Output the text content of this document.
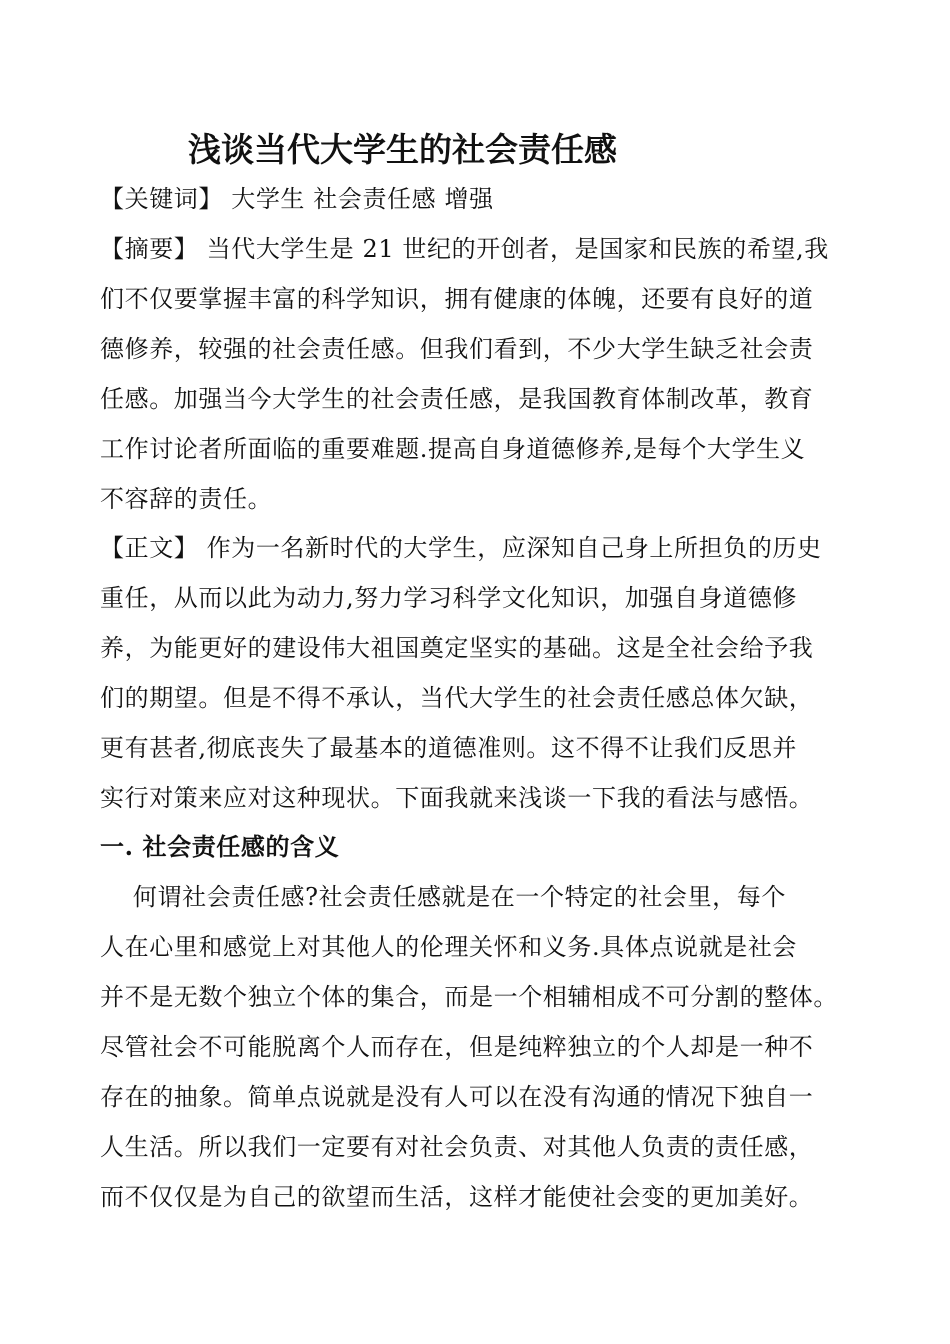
浅谈当代大学生的社会责任感
【关键词】 大学生 社会责任感 增强
【摘要】 当代大学生是 21 世纪的开创者，是国家和民族的希望,我
们不仅要掌握丰富的科学知识，拥有健康的体魄，还要有良好的道
德修养，较强的社会责任感。但我们看到，不少大学生缺乏社会责
任感。加强当今大学生的社会责任感，是我国教育体制改革，教育
工作讨论者所面临的重要难题.提高自身道德修养,是每个大学生义
不容辞的责任。
【正文】 作为一名新时代的大学生，应深知自己身上所担负的历史
重任，从而以此为动力,努力学习科学文化知识，加强自身道德修
养，为能更好的建设伟大祖国奠定坚实的基础。这是全社会给予我
们的期望。但是不得不承认，当代大学生的社会责任感总体欠缺，
更有甚者,彻底丧失了最基本的道德准则。这不得不让我们反思并
实行对策来应对这种现状。下面我就来浅谈一下我的看法与感悟。
一. 社会责任感的含义
何谓社会责任感?社会责任感就是在一个特定的社会里，每个
人在心里和感觉上对其他人的伦理关怀和义务.具体点说就是社会
并不是无数个独立个体的集合，而是一个相辅相成不可分割的整体。
尽管社会不可能脱离个人而存在，但是纯粹独立的个人却是一种不
存在的抽象。简单点说就是没有人可以在没有沟通的情况下独自一
人生活。所以我们一定要有对社会负责、对其他人负责的责任感，
而不仅仅是为自己的欲望而生活，这样才能使社会变的更加美好。
